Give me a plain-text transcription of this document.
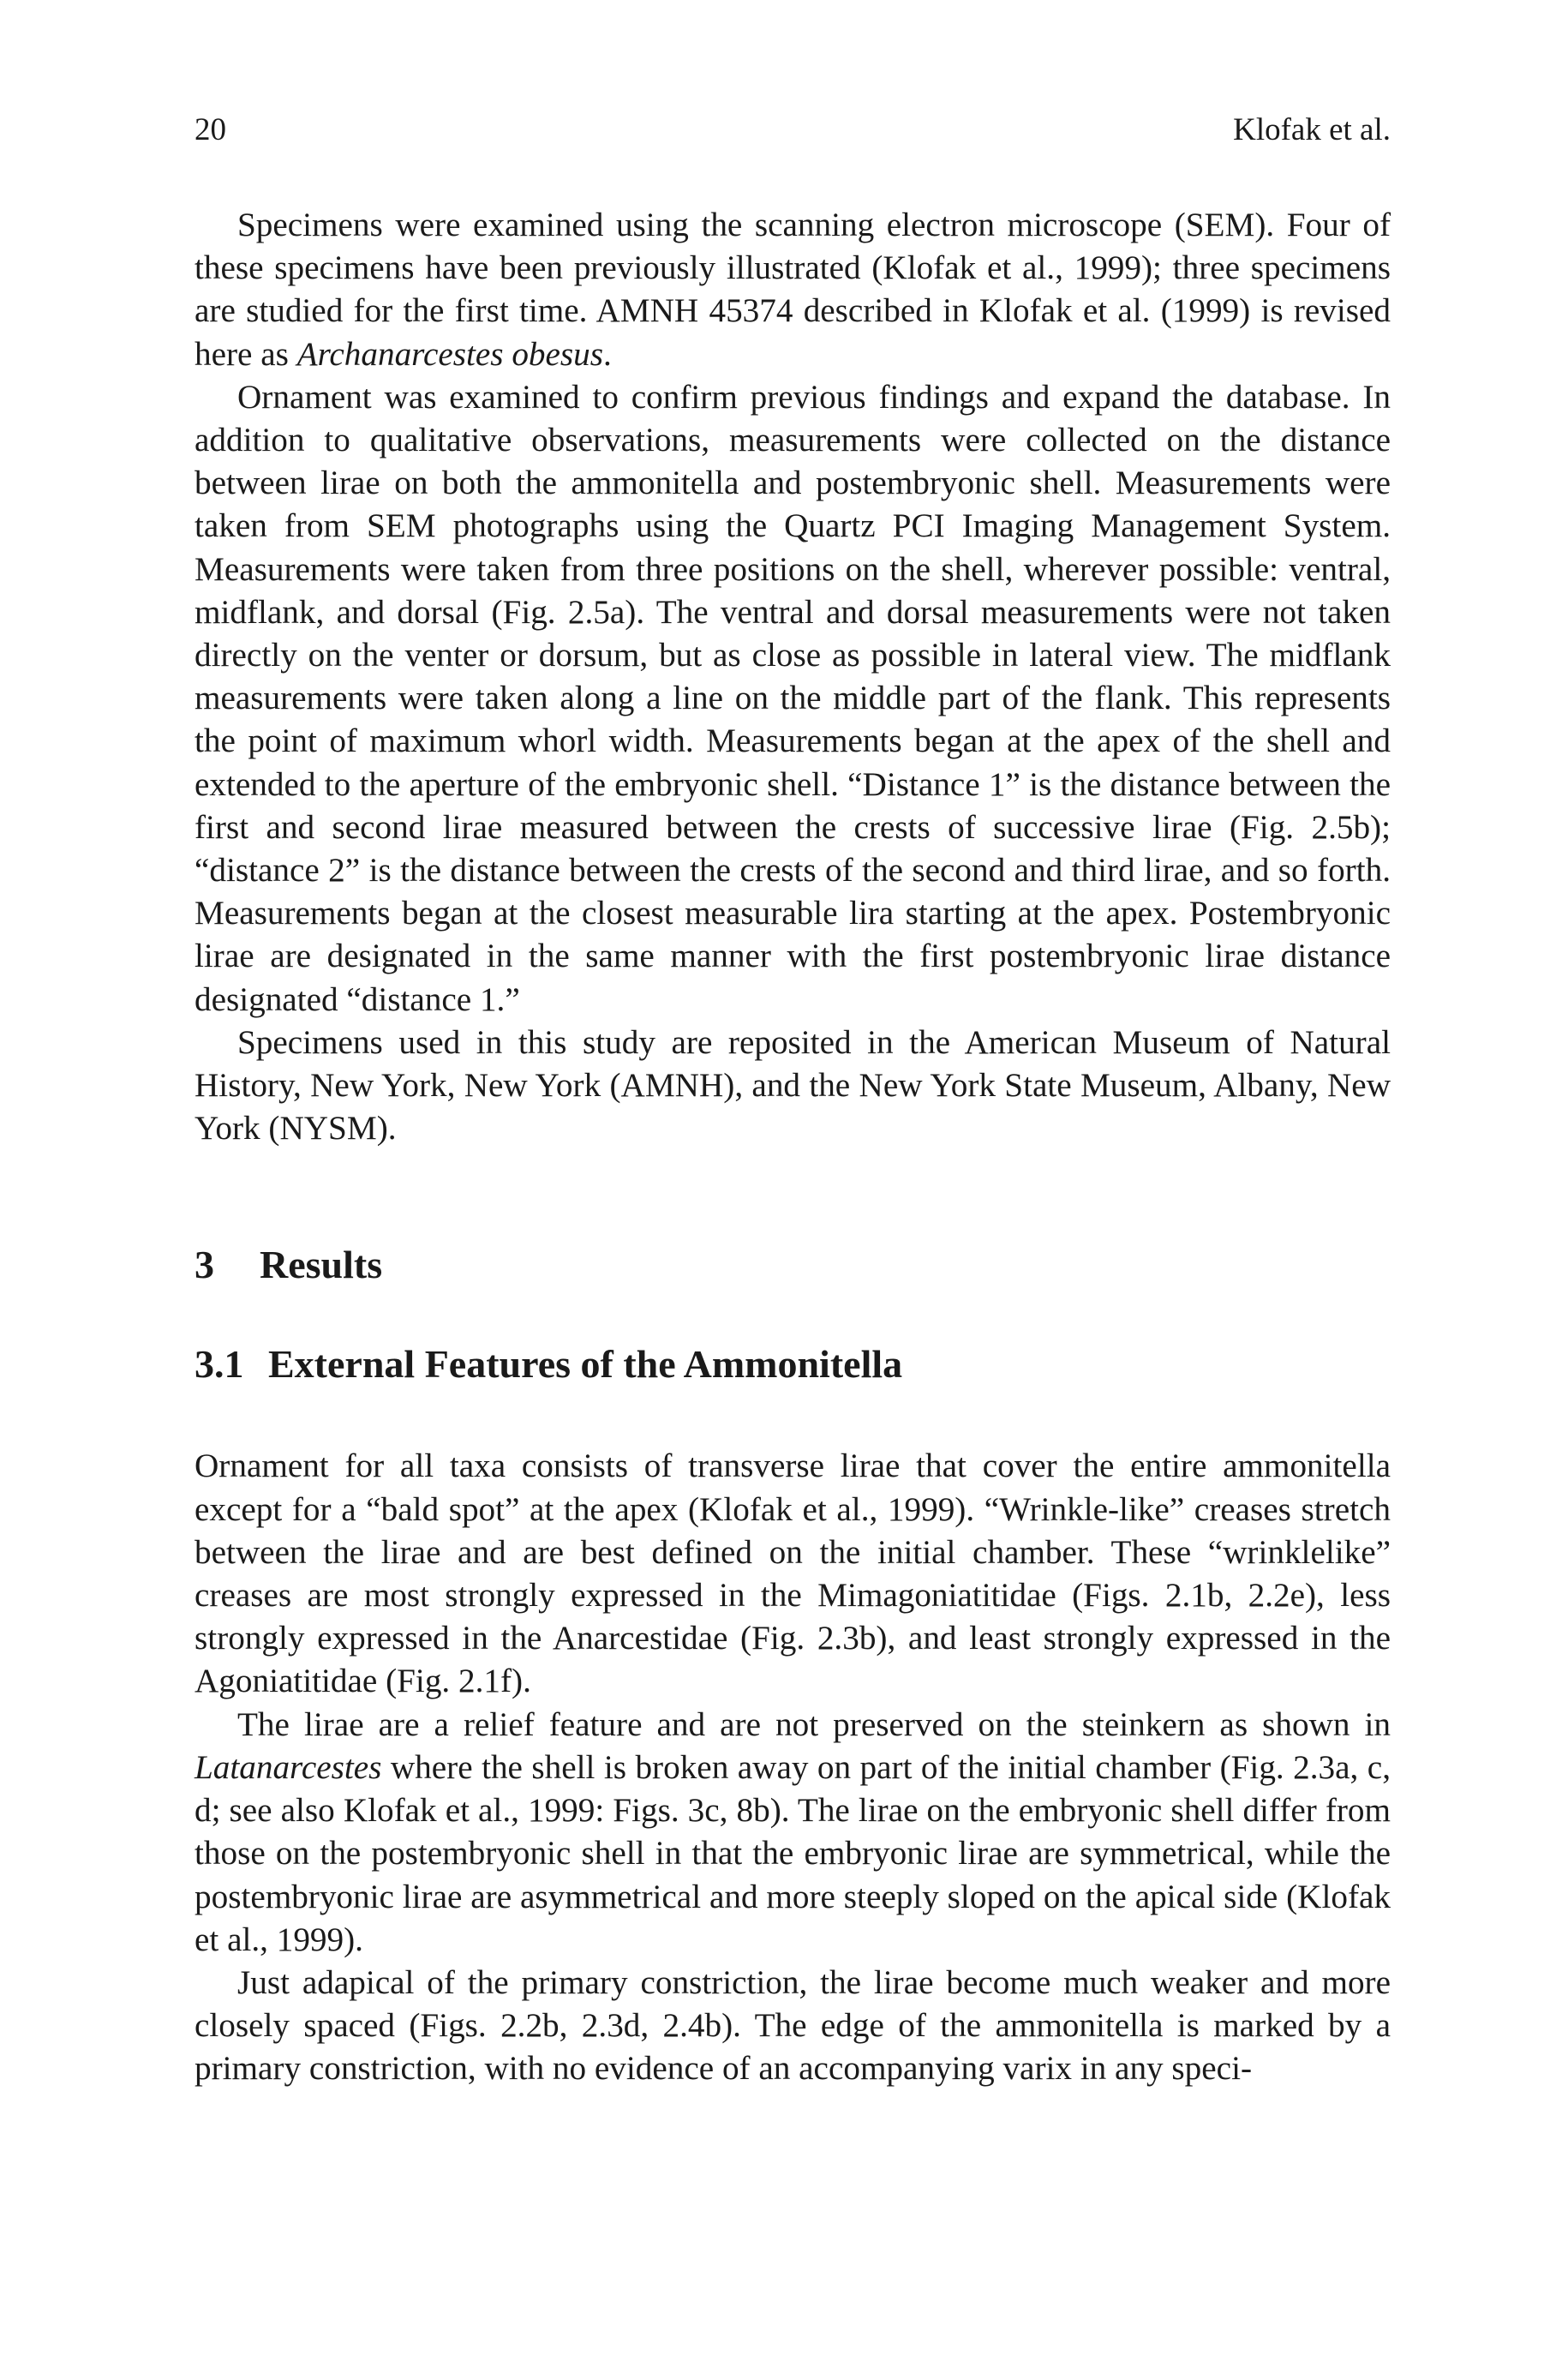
20	Klofak et al.

Specimens were examined using the scanning electron microscope (SEM). Four of these specimens have been previously illustrated (Klofak et al., 1999); three specimens are studied for the first time. AMNH 45374 described in Klofak et al. (1999) is revised here as Archanarcestes obesus.

Ornament was examined to confirm previous findings and expand the database. In addition to qualitative observations, measurements were collected on the distance between lirae on both the ammonitella and postembryonic shell. Measurements were taken from SEM photographs using the Quartz PCI Imaging Management System. Measurements were taken from three positions on the shell, wherever possible: ventral, midflank, and dorsal (Fig. 2.5a). The ventral and dorsal measurements were not taken directly on the venter or dorsum, but as close as possible in lateral view. The midflank measurements were taken along a line on the middle part of the flank. This represents the point of maximum whorl width. Measurements began at the apex of the shell and extended to the aperture of the embryonic shell. “Distance 1” is the distance between the first and second lirae measured between the crests of successive lirae (Fig. 2.5b); “distance 2” is the distance between the crests of the second and third lirae, and so forth. Measurements began at the closest measurable lira starting at the apex. Postembryonic lirae are designated in the same manner with the first postembryonic lirae distance designated “distance 1.”

Specimens used in this study are reposited in the American Museum of Natural History, New York, New York (AMNH), and the New York State Museum, Albany, New York (NYSM).

3	Results
3.1 External Features of the Ammonitella

Ornament for all taxa consists of transverse lirae that cover the entire ammonitella except for a “bald spot” at the apex (Klofak et al., 1999). “Wrinkle-like” creases stretch between the lirae and are best defined on the initial chamber. These “wrinklelike” creases are most strongly expressed in the Mimagoniatitidae (Figs. 2.1b, 2.2e), less strongly expressed in the Anarcestidae (Fig. 2.3b), and least strongly expressed in the Agoniatitidae (Fig. 2.1f).

The lirae are a relief feature and are not preserved on the steinkern as shown in Latanarcestes where the shell is broken away on part of the initial chamber (Fig. 2.3a, c, d; see also Klofak et al., 1999: Figs. 3c, 8b). The lirae on the embryonic shell differ from those on the postembryonic shell in that the embryonic lirae are symmetrical, while the postembryonic lirae are asymmetrical and more steeply sloped on the apical side (Klofak et al., 1999).

Just adapical of the primary constriction, the lirae become much weaker and more closely spaced (Figs. 2.2b, 2.3d, 2.4b). The edge of the ammonitella is marked by a primary constriction, with no evidence of an accompanying varix in any speci-
